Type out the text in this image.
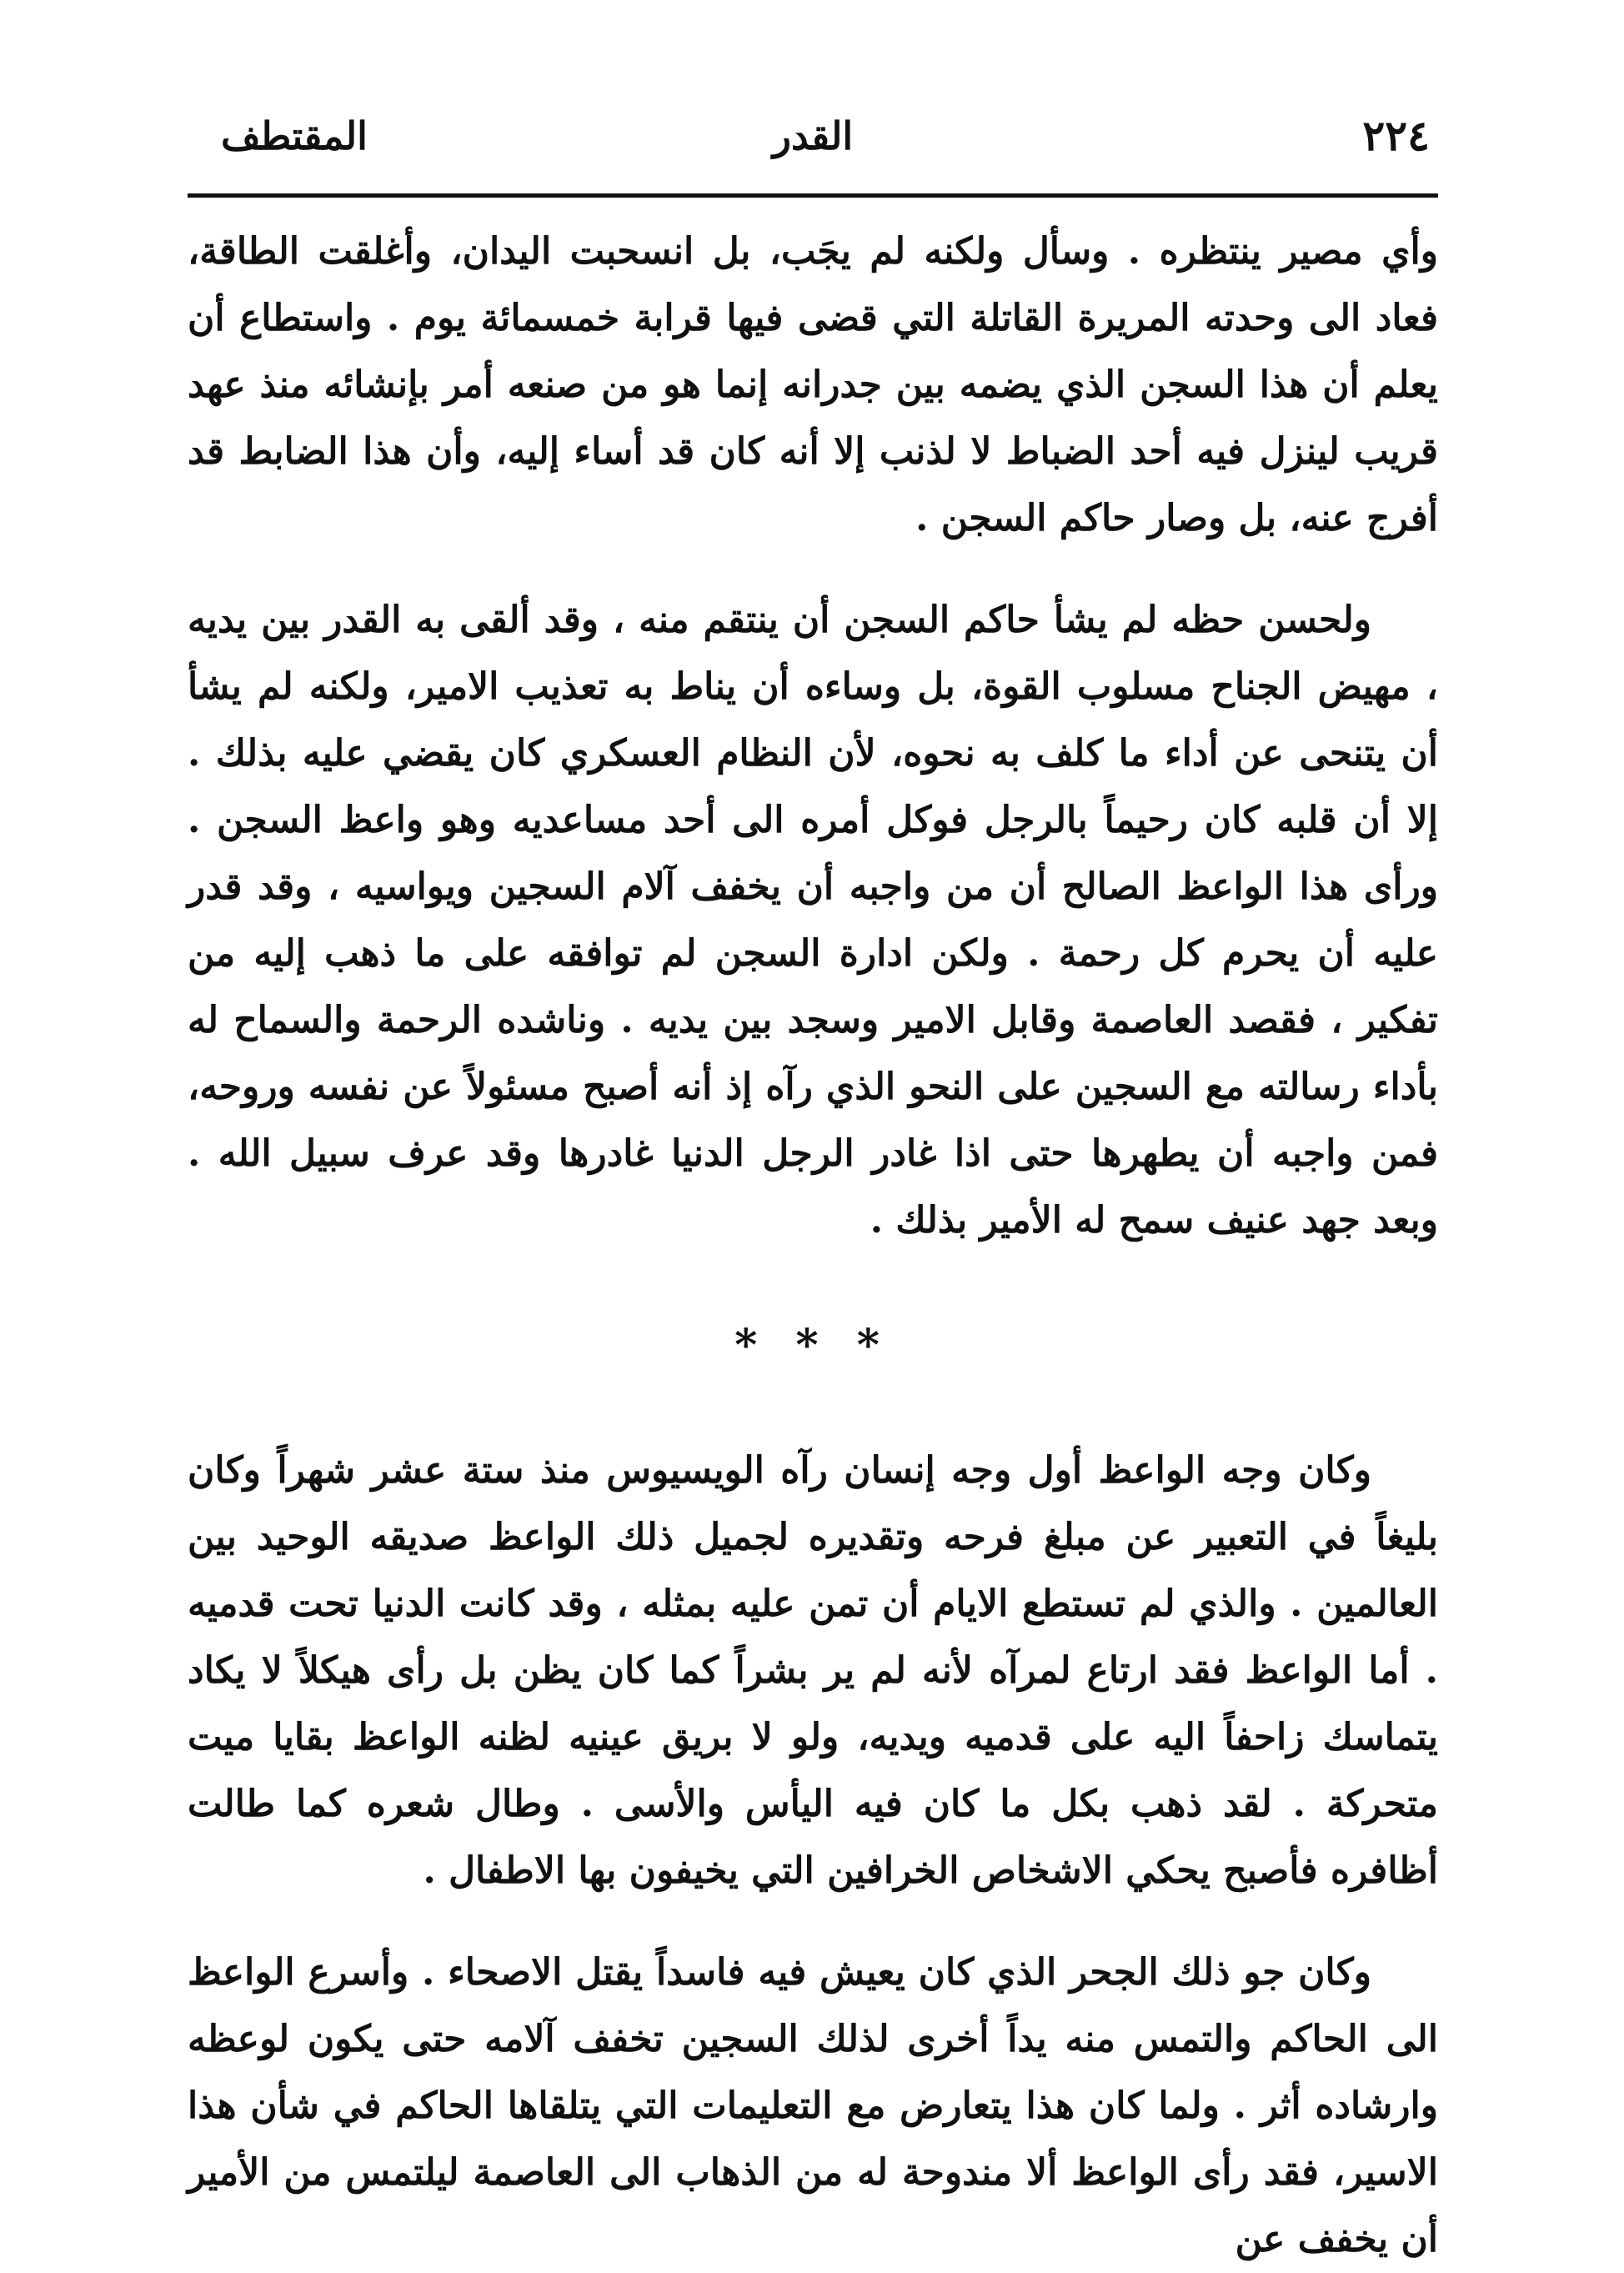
٢٢٤
القدر
المقتطف

وأي مصير ينتظره . وسأل ولكنه لم يجَب، بل انسحبت اليدان، وأغلقت الطاقة، فعاد الى وحدته المريرة القاتلة التي قضى فيها قرابة خمسمائة يوم . واستطاع أن يعلم أن هذا السجن الذي يضمه بين جدرانه إنما هو من صنعه أمر بإنشائه منذ عهد قريب لينزل فيه أحد الضباط لا لذنب إلا أنه كان قد أساء إليه، وأن هذا الضابط قد أفرج عنه، بل وصار حاكم السجن .

ولحسن حظه لم يشأ حاكم السجن أن ينتقم منه ، وقد ألقى به القدر بين يديه ، مهيض الجناح مسلوب القوة، بل وساءه أن يناط به تعذيب الامير، ولكنه لم يشأ أن يتنحى عن أداء ما كلف به نحوه، لأن النظام العسكري كان يقضي عليه بذلك . إلا أن قلبه كان رحيماً بالرجل فوكل أمره الى أحد مساعديه وهو واعظ السجن . ورأى هذا الواعظ الصالح أن من واجبه أن يخفف آلام السجين ويواسيه ، وقد قدر عليه أن يحرم كل رحمة . ولكن ادارة السجن لم توافقه على ما ذهب إليه من تفكير ، فقصد العاصمة وقابل الامير وسجد بين يديه . وناشده الرحمة والسماح له بأداء رسالته مع السجين على النحو الذي رآه إذ أنه أصبح مسئولاً عن نفسه وروحه، فمن واجبه أن يطهرها حتى اذا غادر الرجل الدنيا غادرها وقد عرف سبيل الله . وبعد جهد عنيف سمح له الأمير بذلك .

* * *

وكان وجه الواعظ أول وجه إنسان رآه الويسيوس منذ ستة عشر شهراً وكان بليغاً في التعبير عن مبلغ فرحه وتقديره لجميل ذلك الواعظ صديقه الوحيد بين العالمين . والذي لم تستطع الايام أن تمن عليه بمثله ، وقد كانت الدنيا تحت قدميه . أما الواعظ فقد ارتاع لمرآه لأنه لم ير بشراً كما كان يظن بل رأى هيكلاً لا يكاد يتماسك زاحفاً اليه على قدميه ويديه، ولو لا بريق عينيه لظنه الواعظ بقايا ميت متحركة . لقد ذهب بكل ما كان فيه اليأس والأسى . وطال شعره كما طالت أظافره فأصبح يحكي الاشخاص الخرافين التي يخيفون بها الاطفال .

وكان جو ذلك الجحر الذي كان يعيش فيه فاسداً يقتل الاصحاء . وأسرع الواعظ الى الحاكم والتمس منه يداً أخرى لذلك السجين تخفف آلامه حتى يكون لوعظه وارشاده أثر . ولما كان هذا يتعارض مع التعليمات التي يتلقاها الحاكم في شأن هذا الاسير، فقد رأى الواعظ ألا مندوحة له من الذهاب الى العاصمة ليلتمس من الأمير أن يخفف عن
